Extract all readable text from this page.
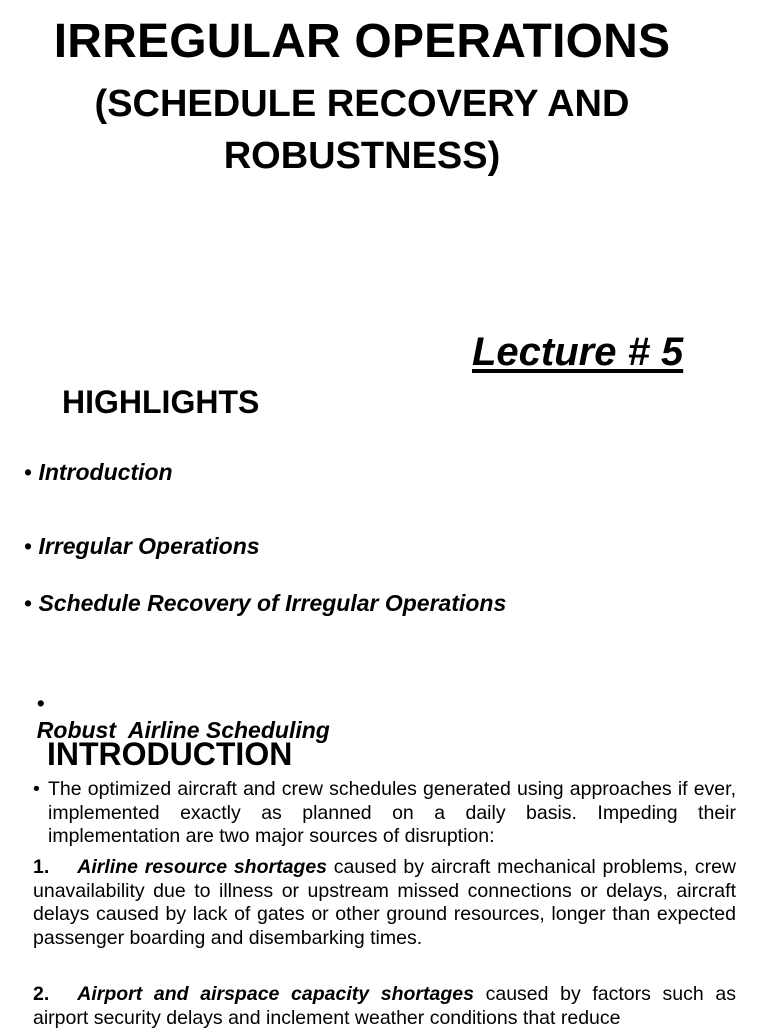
IRREGULAR OPERATIONS
(SCHEDULE RECOVERY AND ROBUSTNESS)
Lecture # 5
HIGHLIGHTS
• Introduction
• Irregular Operations
• Schedule Recovery of Irregular Operations

•
Robust  Airline Scheduling

INTRODUCTION
• The optimized aircraft and crew schedules generated using approaches if ever, implemented exactly as planned on a daily basis. Impeding their implementation are two major sources of disruption:
1. Airline resource shortages caused by aircraft mechanical problems, crew unavailability due to illness or upstream missed connections or delays, aircraft delays caused by lack of gates or other ground resources, longer than expected passenger boarding and disembarking times.
2. Airport and airspace capacity shortages caused by factors such as airport security delays and inclement weather conditions that reduce
